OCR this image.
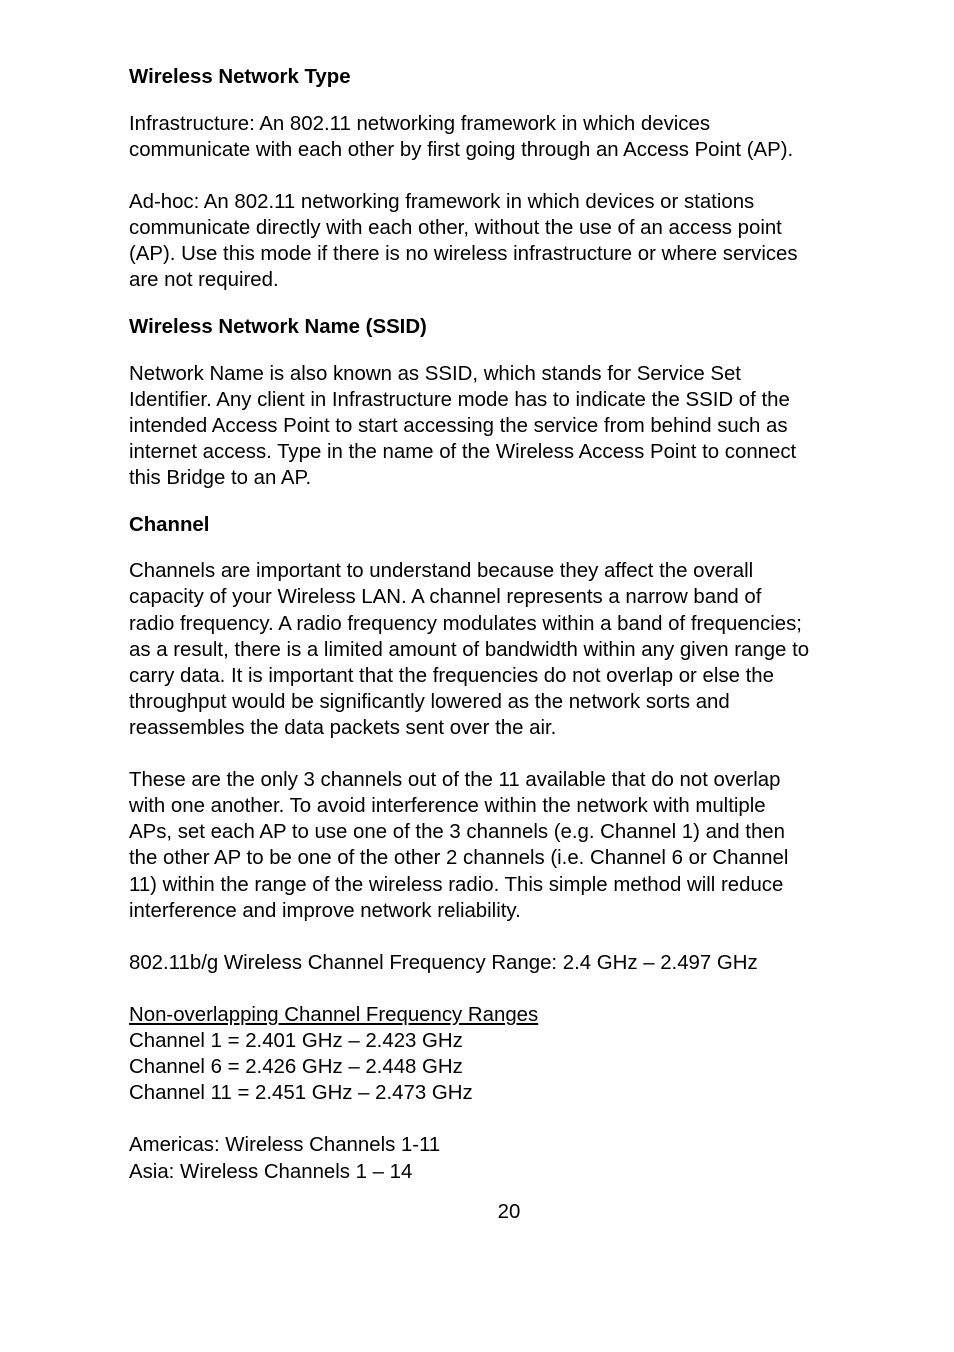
Wireless Network Type

Infrastructure: An 802.11 networking framework in which devices
communicate with each other by first going through an Access Point (AP).

Ad-hoc: An 802.11 networking framework in which devices or stations
communicate directly with each other, without the use of an access point
(AP). Use this mode if there is no wireless infrastructure or where services
are not required.

Wireless Network Name (SSID)

Network Name is also known as SSID, which stands for Service Set
Identifier. Any client in Infrastructure mode has to indicate the SSID of the
intended Access Point to start accessing the service from behind such as
internet access. Type in the name of the Wireless Access Point to connect
this Bridge to an AP.

Channel

Channels are important to understand because they affect the overall
capacity of your Wireless LAN. A channel represents a narrow band of
radio frequency. A radio frequency modulates within a band of frequencies;
as a result, there is a limited amount of bandwidth within any given range to
carry data. It is important that the frequencies do not overlap or else the
throughput would be significantly lowered as the network sorts and
reassembles the data packets sent over the air.

These are the only 3 channels out of the 11 available that do not overlap
with one another. To avoid interference within the network with multiple
APs, set each AP to use one of the 3 channels (e.g. Channel 1) and then
the other AP to be one of the other 2 channels (i.e. Channel 6 or Channel
11) within the range of the wireless radio. This simple method will reduce
interference and improve network reliability.

802.11b/g Wireless Channel Frequency Range: 2.4 GHz – 2.497 GHz

Non-overlapping Channel Frequency Ranges

Channel 1 = 2.401 GHz – 2.423 GHz

Channel 6 = 2.426 GHz – 2.448 GHz

Channel 11 = 2.451 GHz – 2.473 GHz

Americas: Wireless Channels 1-11

Asia: Wireless Channels 1 – 14

20
